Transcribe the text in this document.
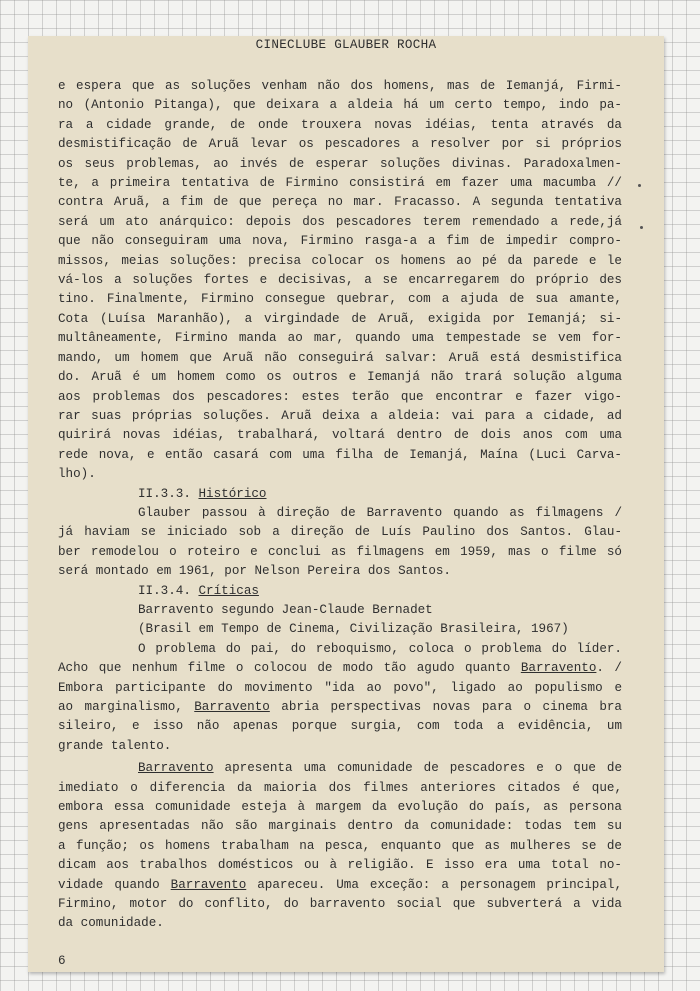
CINECLUBE GLAUBER ROCHA
e espera que as soluções venham não dos homens, mas de Iemanjá, Firmi-
no (Antonio Pitanga), que deixara a aldeia há um certo tempo, indo pa-
ra a cidade grande, de onde trouxera novas idéias, tenta através da
desmistificação de Aruã levar os pescadores a resolver por si próprios
os seus problemas, ao invés de esperar soluções divinas. Paradoxalmen-
te, a primeira tentativa de Firmino consistirá em fazer uma macumba //
contra Aruã, a fim de que pereça no mar. Fracasso. A segunda tentativa
será um ato anárquico: depois dos pescadores terem remendado a rede,já
que não conseguiram uma nova, Firmino rasga-a a fim de impedir compro-
missos, meias soluções: precisa colocar os homens ao pé da parede e le
vá-los a soluções fortes e decisivas, a se encarregarem do próprio des
tino. Finalmente, Firmino consegue quebrar, com a ajuda de sua amante,
Cota (Luísa Maranhão), a virgindade de Aruã, exigida por Iemanjá; si-
multâneamente, Firmino manda ao mar, quando uma tempestade se vem for-
mando, um homem que Aruã não conseguirá salvar: Aruã está desmistifica
do. Aruã é um homem como os outros e Iemanjá não trará solução alguma
aos problemas dos pescadores: estes terão que encontrar e fazer vigo-
rar suas próprias soluções. Aruã deixa a aldeia: vai para a cidade, ad
quirirá novas idéias, trabalhará, voltará dentro de dois anos com uma
rede nova, e então casará com uma filha de Iemanjá, Maína (Luci Carva-
lho).
II.3.3. Histórico
Glauber passou à direção de Barravento quando as filmagens /
já haviam se iniciado sob a direção de Luís Paulino dos Santos. Glau-
ber remodelou o roteiro e conclui as filmagens em 1959, mas o filme só
será montado em 1961, por Nelson Pereira dos Santos.
II.3.4. Críticas
Barravento segundo Jean-Claude Bernadet
(Brasil em Tempo de Cinema, Civilização Brasileira, 1967)
O problema do pai, do reboquismo, coloca o problema do líder.
Acho que nenhum filme o colocou de modo tão agudo quanto Barravento. /
Embora participante do movimento "ida ao povo", ligado ao populismo e
ao marginalismo, Barravento abria perspectivas novas para o cinema bra
sileiro, e isso não apenas porque surgia, com toda a evidência, um
grande talento.
Barravento apresenta uma comunidade de pescadores e o que de
imediato o diferencia da maioria dos filmes anteriores citados é que,
embora essa comunidade esteja à margem da evolução do país, as persona
gens apresentadas não são marginais dentro da comunidade: todas tem su
a função; os homens trabalham na pesca, enquanto que as mulheres se de
dicam aos trabalhos domésticos ou à religião. E isso era uma total no-
vidade quando Barravento apareceu. Uma exceção: a personagem principal,
Firmino, motor do conflito, do barravento social que subverterá a vida
da comunidade.
6
